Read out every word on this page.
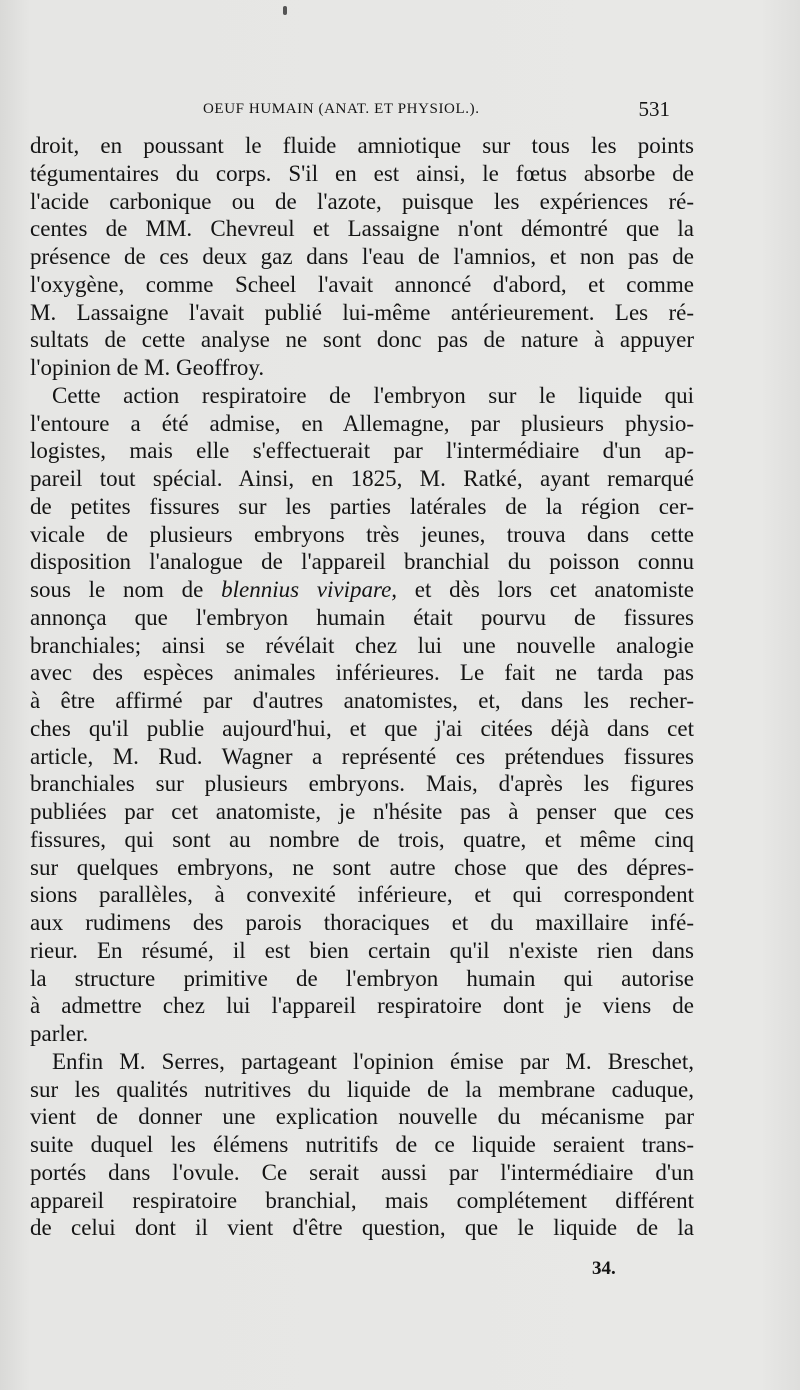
OEUF HUMAIN (ANAT. ET PHYSIOL.).	531
droit, en poussant le fluide amniotique sur tous les points
tégumentaires du corps. S'il en est ainsi, le fœtus absorbe de
l'acide carbonique ou de l'azote, puisque les expériences ré-
centes de MM. Chevreul et Lassaigne n'ont démontré que la
présence de ces deux gaz dans l'eau de l'amnios, et non pas de
l'oxygène, comme Scheel l'avait annoncé d'abord, et comme
M. Lassaigne l'avait publié lui-même antérieurement. Les ré-
sultats de cette analyse ne sont donc pas de nature à appuyer
l'opinion de M. Geoffroy.
Cette action respiratoire de l'embryon sur le liquide qui
l'entoure a été admise, en Allemagne, par plusieurs physio-
logistes, mais elle s'effectuerait par l'intermédiaire d'un ap-
pareil tout spécial. Ainsi, en 1825, M. Ratké, ayant remarqué
de petites fissures sur les parties latérales de la région cer-
vicale de plusieurs embryons très jeunes, trouva dans cette
disposition l'analogue de l'appareil branchial du poisson connu
sous le nom de blennius vivipare, et dès lors cet anatomiste
annonça que l'embryon humain était pourvu de fissures
branchiales; ainsi se révélait chez lui une nouvelle analogie
avec des espèces animales inférieures. Le fait ne tarda pas
à être affirmé par d'autres anatomistes, et, dans les recher-
ches qu'il publie aujourd'hui, et que j'ai citées déjà dans cet
article, M. Rud. Wagner a représenté ces prétendues fissures
branchiales sur plusieurs embryons. Mais, d'après les figures
publiées par cet anatomiste, je n'hésite pas à penser que ces
fissures, qui sont au nombre de trois, quatre, et même cinq
sur quelques embryons, ne sont autre chose que des dépres-
sions parallèles, à convexité inférieure, et qui correspondent
aux rudimens des parois thoraciques et du maxillaire infé-
rieur. En résumé, il est bien certain qu'il n'existe rien dans
la structure primitive de l'embryon humain qui autorise
à admettre chez lui l'appareil respiratoire dont je viens de
parler.
Enfin M. Serres, partageant l'opinion émise par M. Breschet,
sur les qualités nutritives du liquide de la membrane caduque,
vient de donner une explication nouvelle du mécanisme par
suite duquel les élémens nutritifs de ce liquide seraient trans-
portés dans l'ovule. Ce serait aussi par l'intermédiaire d'un
appareil respiratoire branchial, mais complétement différent
de celui dont il vient d'être question, que le liquide de la
34.
